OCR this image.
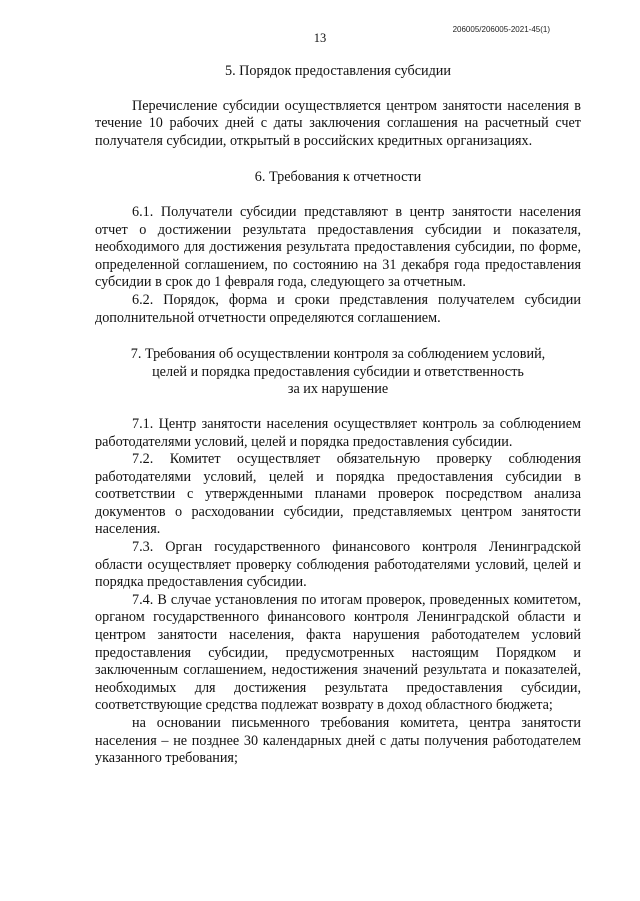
206005/206005-2021-45(1)
13

5. Порядок предоставления субсидии

Перечисление субсидии осуществляется центром занятости населения в течение 10 рабочих дней с даты заключения соглашения на расчетный счет получателя субсидии, открытый в российских кредитных организациях.

6. Требования к отчетности

6.1. Получатели субсидии представляют в центр занятости населения отчет о достижении результата предоставления субсидии и показателя, необходимого для достижения результата предоставления субсидии, по форме, определенной соглашением, по состоянию на 31 декабря года предоставления субсидии в срок до 1 февраля года, следующего за отчетным.

6.2. Порядок, форма и сроки представления получателем субсидии дополнительной отчетности определяются соглашением.

7. Требования об осуществлении контроля за соблюдением условий,

целей и порядка предоставления субсидии и ответственность

за их нарушение

7.1. Центр занятости населения осуществляет контроль за соблюдением работодателями условий, целей и порядка предоставления субсидии.

7.2. Комитет осуществляет обязательную проверку соблюдения работодателями условий, целей и порядка предоставления субсидии в соответствии с утвержденными планами проверок посредством анализа документов о расходовании субсидии, представляемых центром занятости населения.

7.3. Орган государственного финансового контроля Ленинградской области осуществляет проверку соблюдения работодателями условий, целей и порядка предоставления субсидии.

7.4. В случае установления по итогам проверок, проведенных комитетом, органом государственного финансового контроля Ленинградской области и центром занятости населения, факта нарушения работодателем условий предоставления субсидии, предусмотренных настоящим Порядком и заключенным соглашением, недостижения значений результата и показателей, необходимых для достижения результата предоставления субсидии, соответствующие средства подлежат возврату в доход областного бюджета;

на основании письменного требования комитета, центра занятости населения – не позднее 30 календарных дней с даты получения работодателем указанного требования;
